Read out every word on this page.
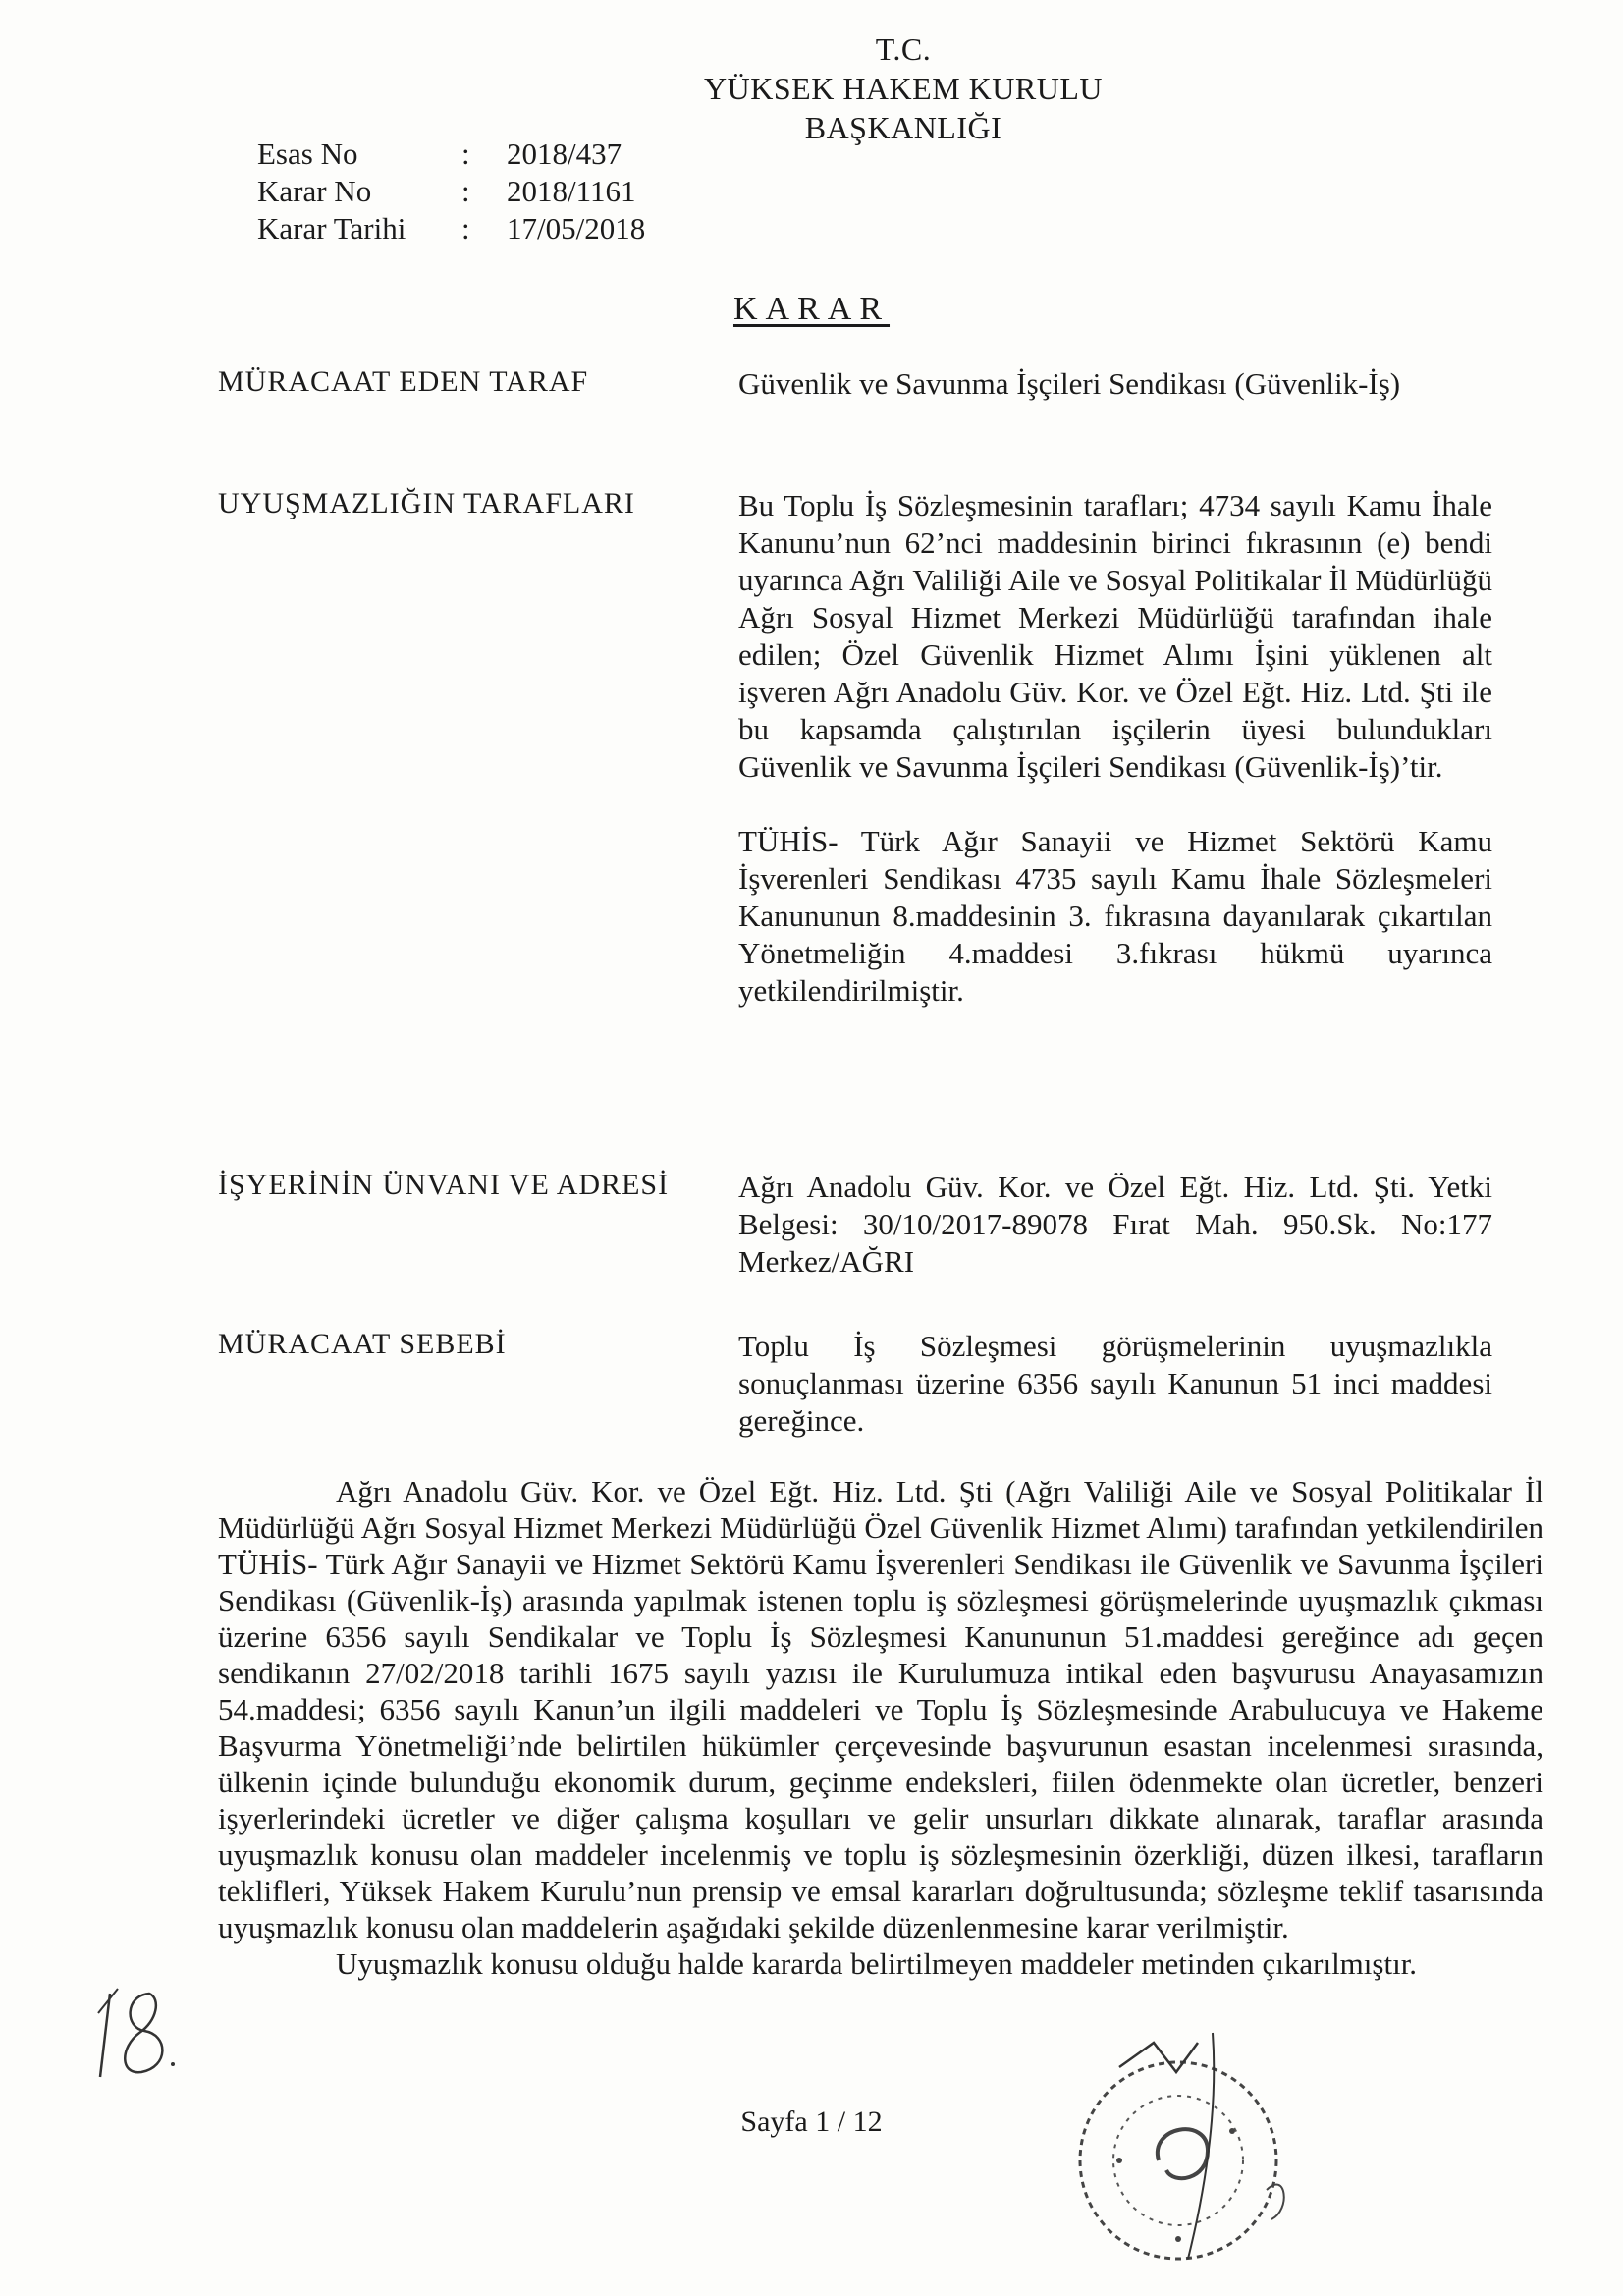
T.C.
YÜKSEK HAKEM KURULU
BAŞKANLIĞI
Esas No	:	2018/437
Karar No	:	2018/1161
Karar Tarihi	:	17/05/2018
KARAR
MÜRACAAT EDEN TARAF	Güvenlik ve Savunma İşçileri Sendikası (Güvenlik-İş)

UYUŞMAZLIĞIN TARAFLARI	Bu Toplu İş Sözleşmesinin tarafları; 4734 sayılı Kamu İhale Kanunu’nun 62’nci maddesinin birinci fıkrasının (e) bendi uyarınca Ağrı Valiliği Aile ve Sosyal Politikalar İl Müdürlüğü Ağrı Sosyal Hizmet Merkezi Müdürlüğü tarafından ihale edilen; Özel Güvenlik Hizmet Alımı İşini yüklenen alt işveren Ağrı Anadolu Güv. Kor. ve Özel Eğt. Hiz. Ltd. Şti ile bu kapsamda çalıştırılan işçilerin üyesi bulundukları Güvenlik ve Savunma İşçileri Sendikası (Güvenlik-İş)’tir.

TÜHİS- Türk Ağır Sanayii ve Hizmet Sektörü Kamu İşverenleri Sendikası 4735 sayılı Kamu İhale Sözleşmeleri Kanununun 8.maddesinin 3. fıkrasına dayanılarak çıkartılan Yönetmeliğin 4.maddesi 3.fıkrası hükmü uyarınca yetkilendirilmiştir.

İŞYERİNİN ÜNVANI VE ADRESİ Ağrı Anadolu Güv. Kor. ve Özel Eğt. Hiz. Ltd. Şti. Yetki Belgesi: 30/10/2017-89078 Fırat Mah. 950.Sk. No:177 Merkez/AĞRI

MÜRACAAT SEBEBİ	Toplu İş Sözleşmesi görüşmelerinin uyuşmazlıkla sonuçlanması üzerine 6356 sayılı Kanunun 51 inci maddesi gereğince.

Ağrı Anadolu Güv. Kor. ve Özel Eğt. Hiz. Ltd. Şti (Ağrı Valiliği Aile ve Sosyal Politikalar İl Müdürlüğü Ağrı Sosyal Hizmet Merkezi Müdürlüğü Özel Güvenlik Hizmet Alımı) tarafından yetkilendirilen TÜHİS- Türk Ağır Sanayii ve Hizmet Sektörü Kamu İşverenleri Sendikası ile Güvenlik ve Savunma İşçileri Sendikası (Güvenlik-İş) arasında yapılmak istenen toplu iş sözleşmesi görüşmelerinde uyuşmazlık çıkması üzerine 6356 sayılı Sendikalar ve Toplu İş Sözleşmesi Kanununun 51.maddesi gereğince adı geçen sendikanın 27/02/2018 tarihli 1675 sayılı yazısı ile Kurulumuza intikal eden başvurusu Anayasamızın 54.maddesi; 6356 sayılı Kanun’un ilgili maddeleri ve Toplu İş Sözleşmesinde Arabulucuya ve Hakeme Başvurma Yönetmeliği’nde belirtilen hükümler çerçevesinde başvurunun esastan incelenmesi sırasında, ülkenin içinde bulunduğu ekonomik durum, geçinme endeksleri, fiilen ödenmekte olan ücretler, benzeri işyerlerindeki ücretler ve diğer çalışma koşulları ve gelir unsurları dikkate alınarak, taraflar arasında uyuşmazlık konusu olan maddeler incelenmiş ve toplu iş sözleşmesinin özerkliği, düzen ilkesi, tarafların teklifleri, Yüksek Hakem Kurulu’nun prensip ve emsal kararları doğrultusunda; sözleşme teklif tasarısında uyuşmazlık konusu olan maddelerin aşağıdaki şekilde düzenlenmesine karar verilmiştir.

Uyuşmazlık konusu olduğu halde kararda belirtilmeyen maddeler metinden çıkarılmıştır.

Sayfa 1 / 12
